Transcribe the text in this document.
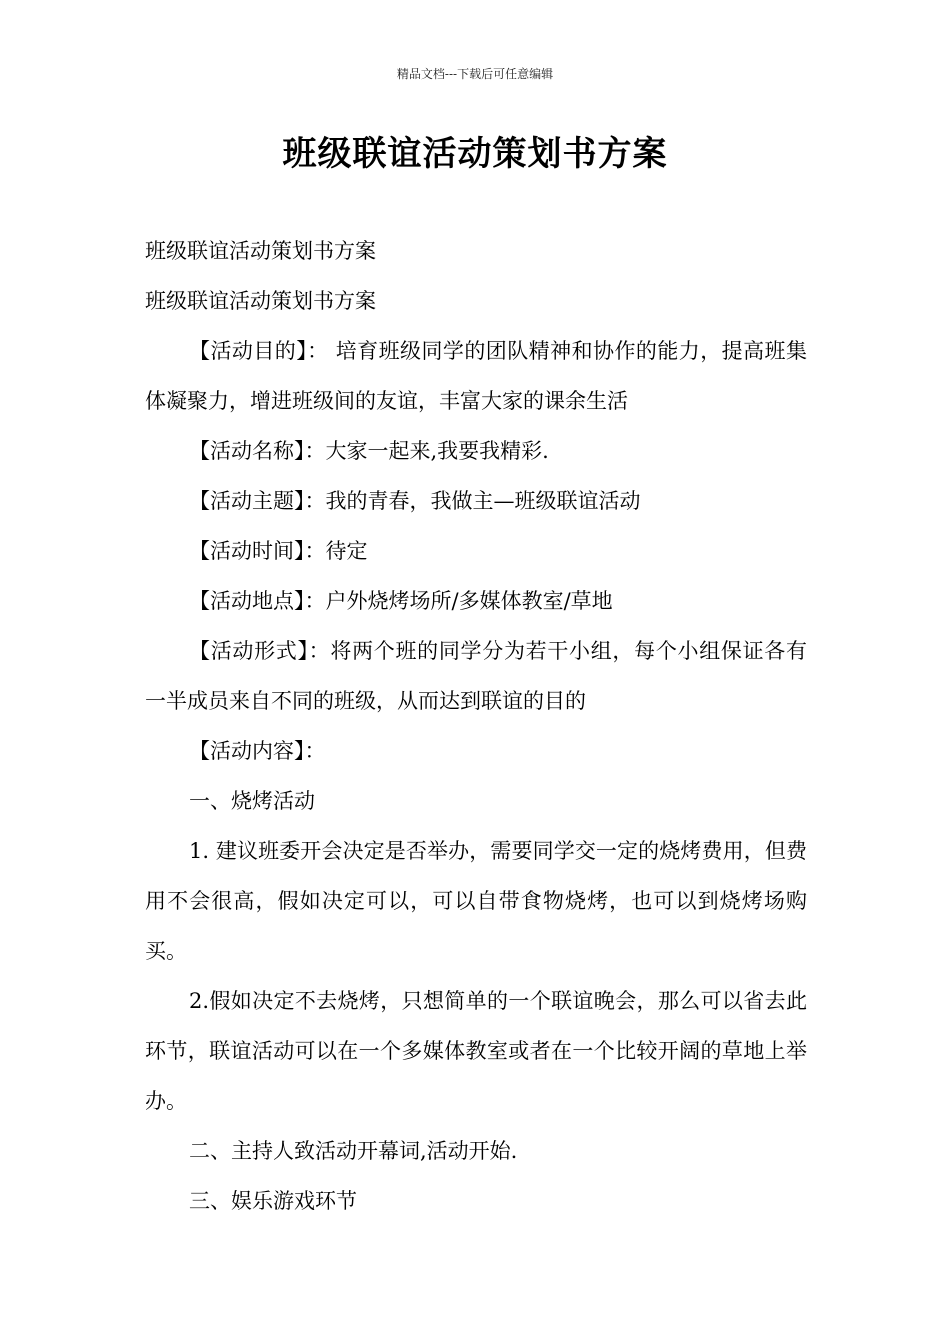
精品文档---下载后可任意编辑
班级联谊活动策划书方案

班级联谊活动策划书方案

班级联谊活动策划书方案

【活动目的】： 培育班级同学的团队精神和协作的能力，提高班集体凝聚力，增进班级间的友谊，丰富大家的课余生活

【活动名称】：大家一起来,我要我精彩.

【活动主题】：我的青春，我做主—班级联谊活动

【活动时间】：待定

【活动地点】：户外烧烤场所/多媒体教室/草地

【活动形式】：将两个班的同学分为若干小组，每个小组保证各有一半成员来自不同的班级，从而达到联谊的目的

【活动内容】：

一、烧烤活动

1. 建议班委开会决定是否举办，需要同学交一定的烧烤费用，但费用不会很高，假如决定可以，可以自带食物烧烤，也可以到烧烤场购买。

2.假如决定不去烧烤，只想简单的一个联谊晚会，那么可以省去此环节，联谊活动可以在一个多媒体教室或者在一个比较开阔的草地上举办。

二、主持人致活动开幕词,活动开始.

三、娱乐游戏环节
